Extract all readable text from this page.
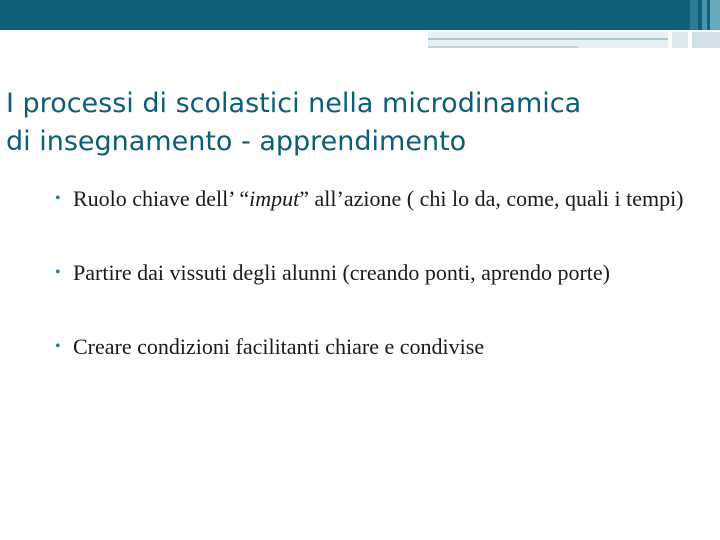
I processi di scolastici nella microdinamica
di insegnamento - apprendimento
• Ruolo chiave dell’ “imput” all’azione ( chi lo da, come, quali i tempi)
• Partire dai vissuti degli alunni (creando ponti, aprendo porte)
• Creare condizioni facilitanti chiare e condivise
